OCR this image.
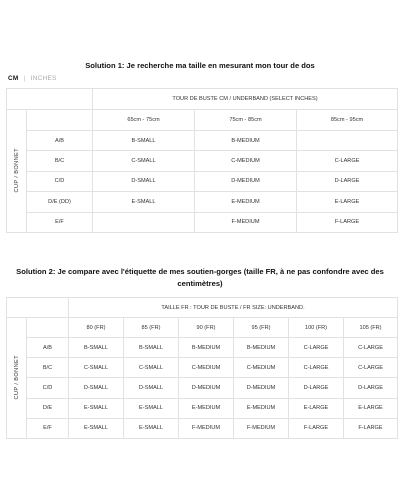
Solution 1: Je recherche ma taille en mesurant mon tour de dos
CM | INCHES
		TOUR DE BUSTE CM / UNDERBAND (SELECT INCHES)		
CUP / BONNET		65cm - 75cm	75cm - 85cm	85cm - 95cm
	A/B	B-SMALL	B-MEDIUM	
	B/C	C-SMALL	C-MEDIUM	C-LARGE
	C/D	D-SMALL	D-MEDIUM	D-LARGE
	D/E (DD)	E-SMALL	E-MEDIUM	E-LARGE
	E/F		F-MEDIUM	F-LARGE
Solution 2: Je compare avec l'étiquette de mes soutien-gorges (taille FR, à ne pas confondre avec des centimètres)
		TAILLE FR : TOUR DE BUSTE / FR SIZE: UNDERBAND.					
CUP / BONNET		80 (FR)	85 (FR)	90 (FR)	95 (FR)	100 (FR)	105 (FR)
	A/B	B-SMALL	B-SMALL	B-MEDIUM	B-MEDIUM	C-LARGE	C-LARGE
	B/C	C-SMALL	C-SMALL	C-MEDIUM	C-MEDIUM	C-LARGE	C-LARGE
	C/D	D-SMALL	D-SMALL	D-MEDIUM	D-MEDIUM	D-LARGE	D-LARGE
	D/E	E-SMALL	E-SMALL	E-MEDIUM	E-MEDIUM	E-LARGE	E-LARGE
	E/F	E-SMALL	E-SMALL	F-MEDIUM	F-MEDIUM	F-LARGE	F-LARGE
